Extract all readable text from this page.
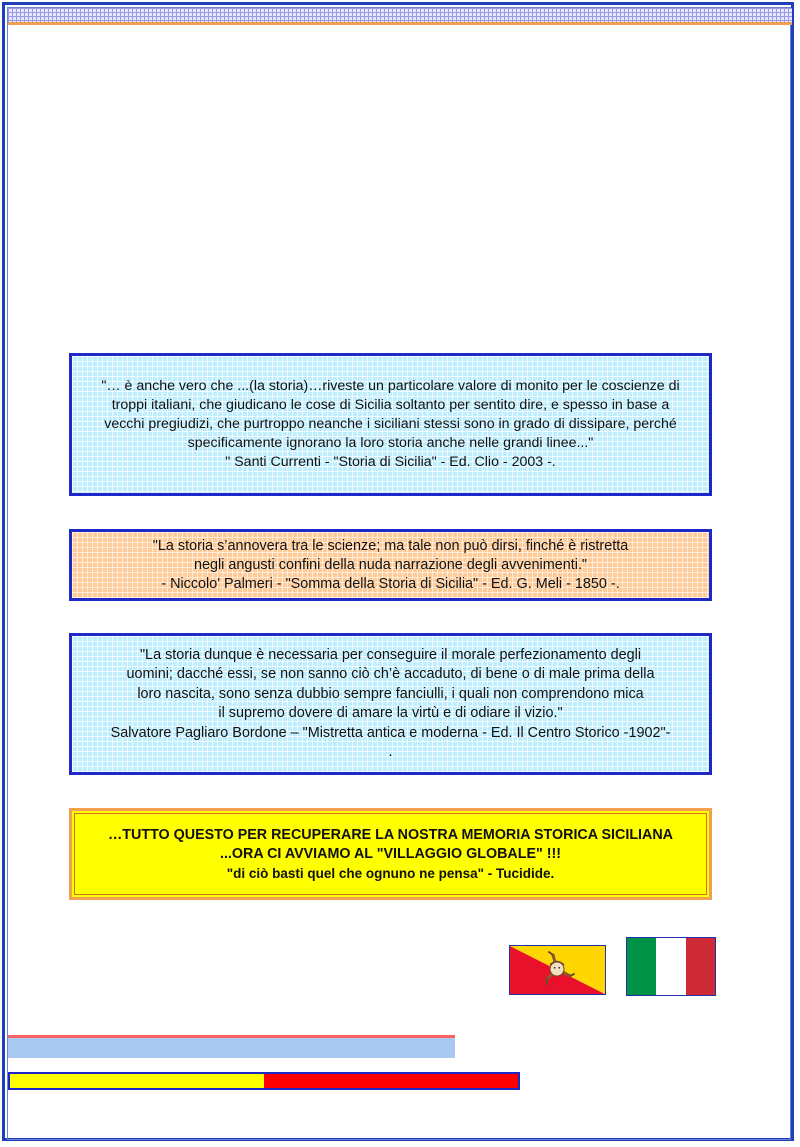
"… è anche vero che ...(la storia)…riveste un particolare valore di monito per le coscienze di
troppi italiani, che giudicano le cose di Sicilia soltanto per sentito dire, e spesso in base a
vecchi pregiudizi, che purtroppo neanche i siciliani stessi sono in grado di dissipare, perché
specificamente ignorano la loro storia anche nelle grandi linee..."
" Santi Currenti - "Storia di Sicilia" - Ed. Clio - 2003 -.
"La storia s’annovera tra le scienze; ma tale non può dirsi, finché è ristretta
negli angusti confini della nuda narrazione degli avvenimenti."
- Niccolo' Palmeri - "Somma della Storia di Sicilia" - Ed. G. Meli - 1850 -.
"La storia dunque è necessaria per conseguire il morale perfezionamento degli
uomini; dacché essi, se non sanno ciò ch’è accaduto, di bene o di male prima della
loro nascita, sono senza dubbio sempre fanciulli, i quali non comprendono mica
il supremo dovere di amare la virtù e di odiare il vizio."
Salvatore Pagliaro Bordone – "Mistretta antica e moderna - Ed. Il Centro Storico -1902"-
.
…TUTTO QUESTO PER RECUPERARE LA NOSTRA MEMORIA STORICA SICILIANA
...ORA CI AVVIAMO AL "VILLAGGIO GLOBALE" !!!
"di ciò basti quel che ognuno ne pensa" - Tucidide.
